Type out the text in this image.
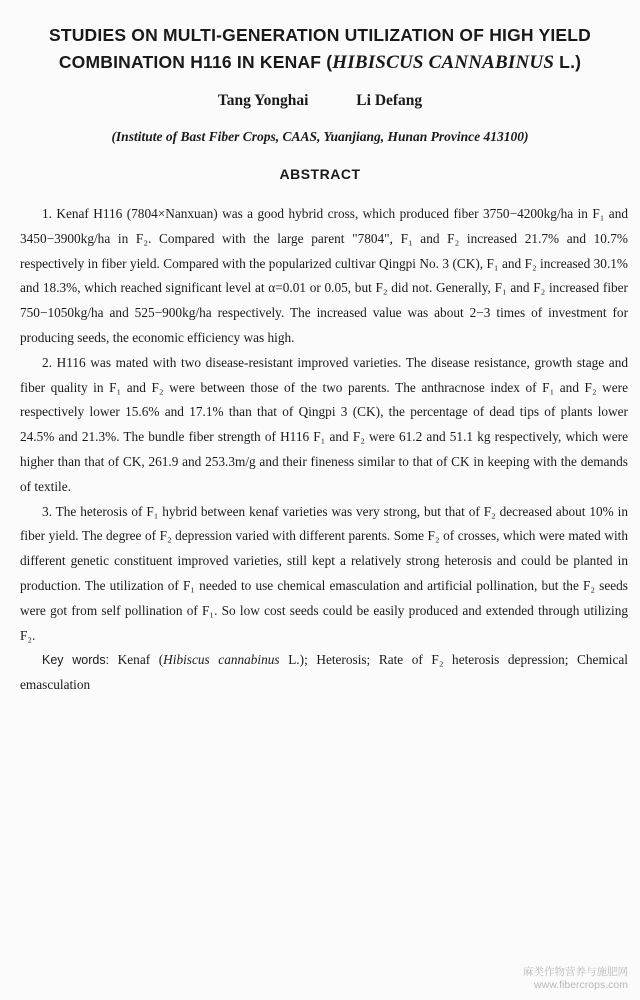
STUDIES ON MULTI-GENERATION UTILIZATION OF HIGH YIELD
COMBINATION H116 IN KENAF (HIBISCUS CANNABINUS L.)
Tang Yonghai	Li Defang
(Institute of Bast Fiber Crops, CAAS, Yuanjiang, Hunan Province 413100)
ABSTRACT

1. Kenaf H116 (7804×Nanxuan) was a good hybrid cross, which produced fiber 3750−4200kg/ha in F₁ and 3450−3900kg/ha in F₂. Compared with the large parent "7804", F₁ and F₂ increased 21.7% and 10.7% respectively in fiber yield. Compared with the popularized cultivar Qingpi No. 3 (CK), F₁ and F₂ increased 30.1% and 18.3%, which reached significant level at α=0.01 or 0.05, but F₂ did not. Generally, F₁ and F₂ increased fiber 750−1050kg/ha and 525−900kg/ha respectively. The increased value was about 2−3 times of investment for producing seeds, the economic efficiency was high.

2. H116 was mated with two disease-resistant improved varieties. The disease resistance, growth stage and fiber quality in F₁ and F₂ were between those of the two parents. The anthracnose index of F₁ and F₂ were respectively lower 15.6% and 17.1% than that of Qingpi 3 (CK), the percentage of dead tips of plants lower 24.5% and 21.3%. The bundle fiber strength of H116 F₁ and F₂ were 61.2 and 51.1 kg respectively, which were higher than that of CK, 261.9 and 253.3m/g and their fineness similar to that of CK in keeping with the demands of textile.

3. The heterosis of F₁ hybrid between kenaf varieties was very strong, but that of F₂ decreased about 10% in fiber yield. The degree of F₂ depression varied with different parents. Some F₂ of crosses, which were mated with different genetic constituent improved varieties, still kept a relatively strong heterosis and could be planted in production. The utilization of F₁ needed to use chemical emasculation and artificial pollination, but the F₂ seeds were got from self pollination of F₁. So low cost seeds could be easily produced and extended through utilizing F₂.

Key words: Kenaf (Hibiscus cannabinus L.); Heterosis; Rate of F₂ heterosis depression; Chemical emasculation

麻类作物营养与施肥网
www.fibercrops.com
